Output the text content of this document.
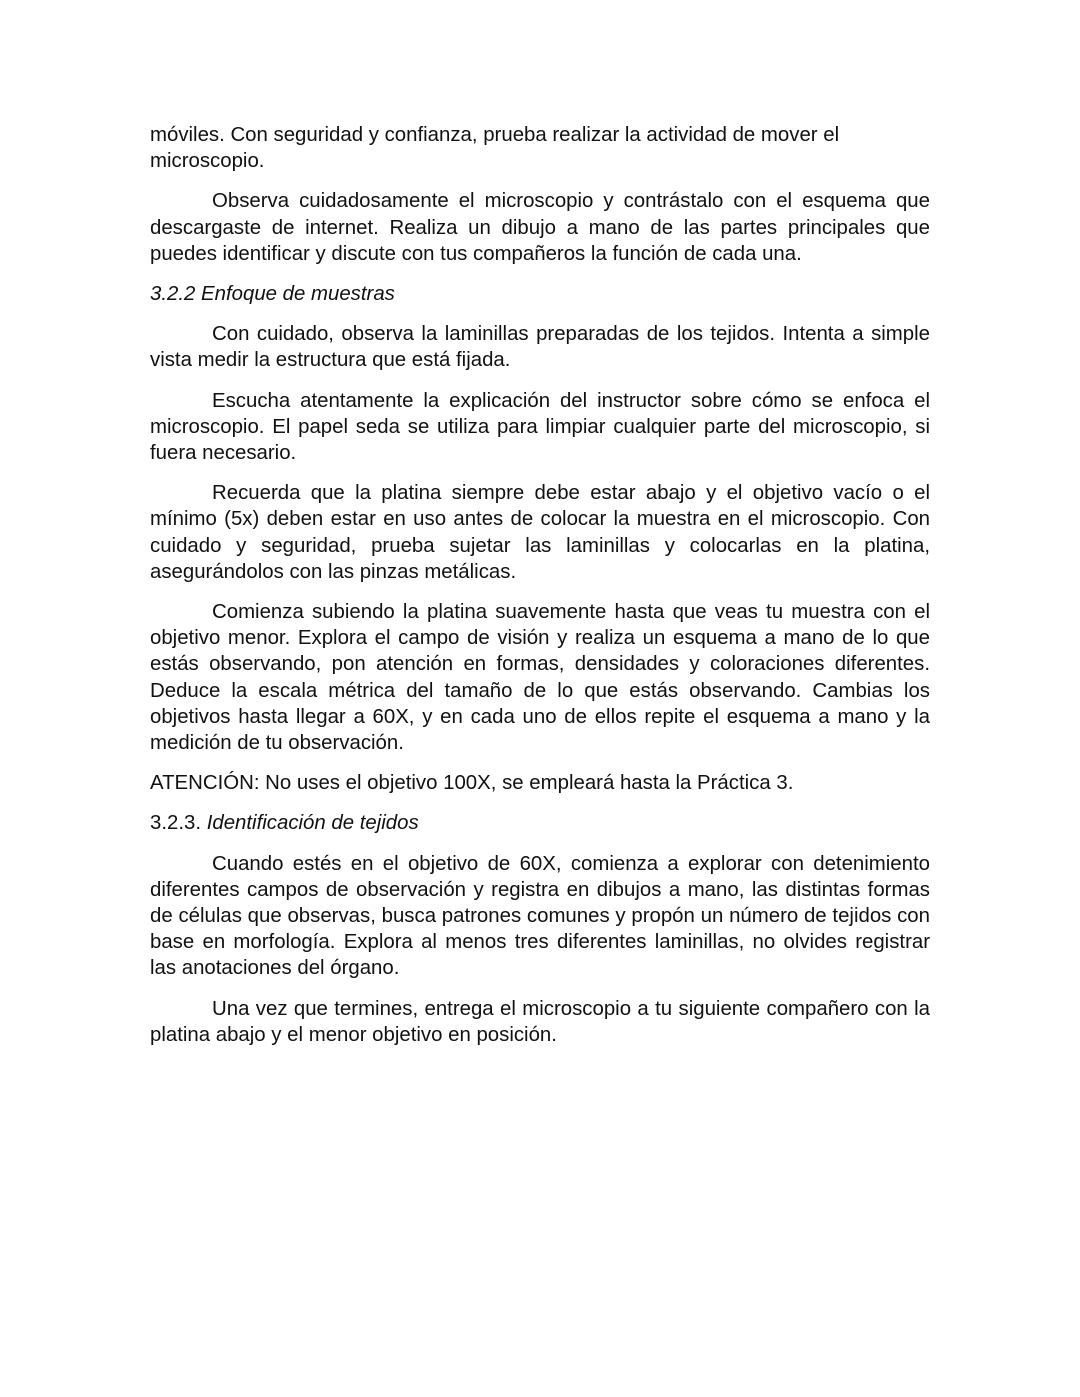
móviles. Con seguridad y confianza, prueba realizar la actividad de mover el microscopio.

Observa cuidadosamente el microscopio y contrástalo con el esquema que descargaste de internet. Realiza un dibujo a mano de las partes principales que puedes identificar y discute con tus compañeros la función de cada una.

3.2.2 Enfoque de muestras

Con cuidado, observa la laminillas preparadas de los tejidos. Intenta a simple vista medir la estructura que está fijada.

Escucha atentamente la explicación del instructor sobre cómo se enfoca el microscopio. El papel seda se utiliza para limpiar cualquier parte del microscopio, si fuera necesario.

Recuerda que la platina siempre debe estar abajo y el objetivo vacío o el mínimo (5x) deben estar en uso antes de colocar la muestra en el microscopio. Con cuidado y seguridad, prueba sujetar las laminillas y colocarlas en la platina, asegurándolos con las pinzas metálicas.

Comienza subiendo la platina suavemente hasta que veas tu muestra con el objetivo menor. Explora el campo de visión y realiza un esquema a mano de lo que estás observando, pon atención en formas, densidades y coloraciones diferentes. Deduce la escala métrica del tamaño de lo que estás observando. Cambias los objetivos hasta llegar a 60X, y en cada uno de ellos repite el esquema a mano y la medición de tu observación.

ATENCIÓN: No uses el objetivo 100X, se empleará hasta la Práctica 3.

3.2.3. Identificación de tejidos

Cuando estés en el objetivo de 60X, comienza a explorar con detenimiento diferentes campos de observación y registra en dibujos a mano, las distintas formas de células que observas, busca patrones comunes y propón un número de tejidos con base en morfología. Explora al menos tres diferentes laminillas, no olvides registrar las anotaciones del órgano.

Una vez que termines, entrega el microscopio a tu siguiente compañero con la platina abajo y el menor objetivo en posición.
